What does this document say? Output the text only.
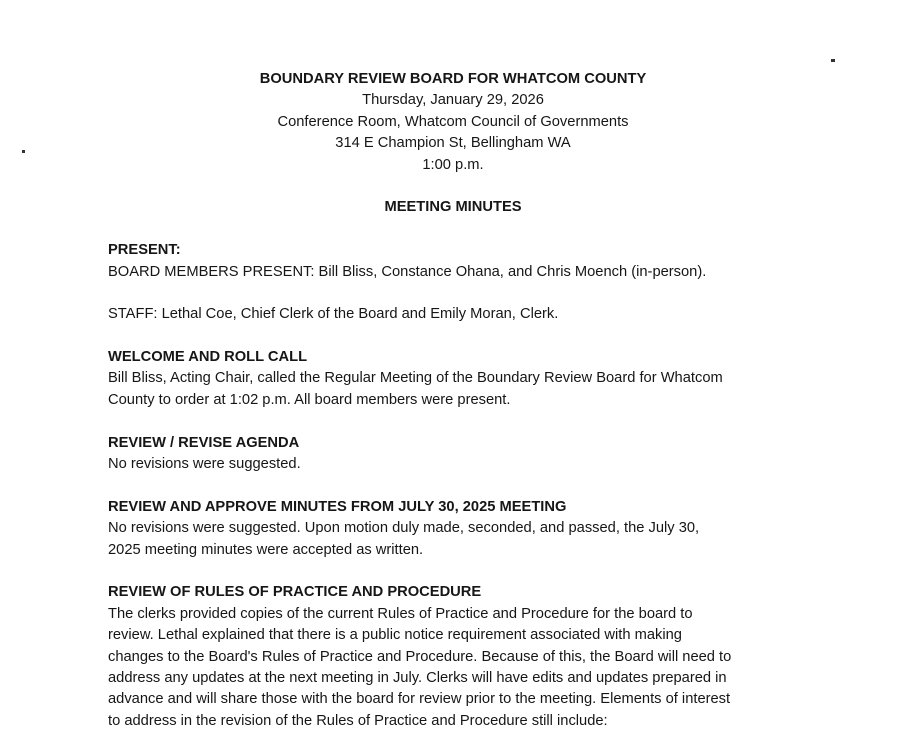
BOUNDARY REVIEW BOARD FOR WHATCOM COUNTY
Thursday, January 29, 2026
Conference Room, Whatcom Council of Governments
314 E Champion St, Bellingham WA
1:00 p.m.

MEETING MINUTES

PRESENT:
BOARD MEMBERS PRESENT: Bill Bliss, Constance Ohana, and Chris Moench (in-person).

STAFF: Lethal Coe, Chief Clerk of the Board and Emily Moran, Clerk.

WELCOME AND ROLL CALL
Bill Bliss, Acting Chair, called the Regular Meeting of the Boundary Review Board for Whatcom
County to order at 1:02 p.m. All board members were present.

REVIEW / REVISE AGENDA
No revisions were suggested.

REVIEW AND APPROVE MINUTES FROM JULY 30, 2025 MEETING
No revisions were suggested. Upon motion duly made, seconded, and passed, the July 30,
2025 meeting minutes were accepted as written.

REVIEW OF RULES OF PRACTICE AND PROCEDURE
The clerks provided copies of the current Rules of Practice and Procedure for the board to
review. Lethal explained that there is a public notice requirement associated with making
changes to the Board's Rules of Practice and Procedure. Because of this, the Board will need to
address any updates at the next meeting in July. Clerks will have edits and updates prepared in
advance and will share those with the board for review prior to the meeting. Elements of interest
to address in the revision of the Rules of Practice and Procedure still include:
